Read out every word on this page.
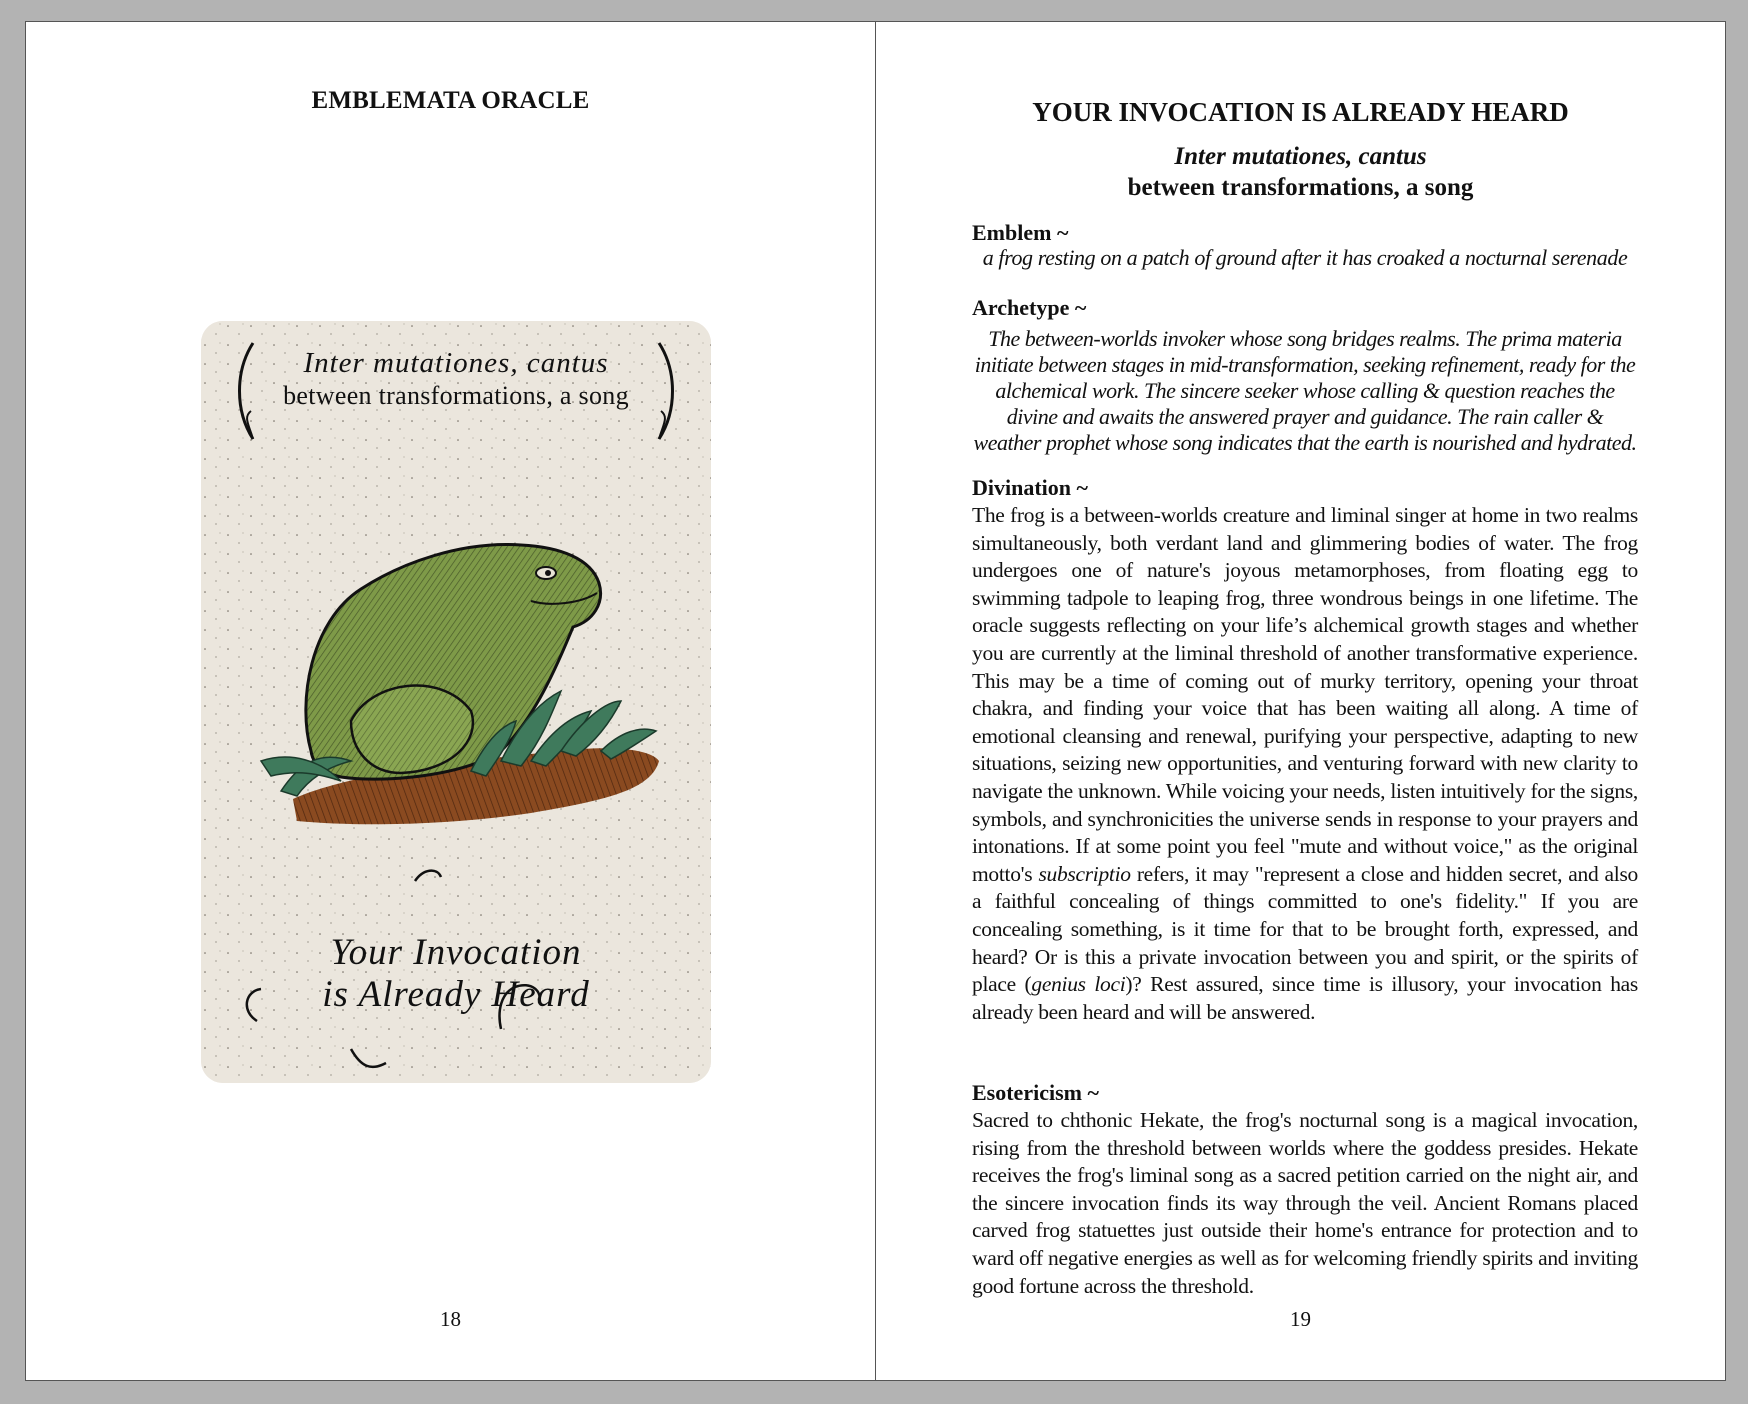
EMBLEMATA ORACLE
Inter mutationes, cantus
between transformations, a song
Your Invocation
is Already Heard
18
YOUR INVOCATION IS ALREADY HEARD
Inter mutationes, cantus
between transformations, a song
Emblem ~
a frog resting on a patch of ground after it has croaked a nocturnal serenade
Archetype ~
The between-worlds invoker whose song bridges realms. The prima materia initiate between stages in mid-transformation, seeking refinement, ready for the alchemical work. The sincere seeker whose calling & question reaches the divine and awaits the answered prayer and guidance. The rain caller & weather prophet whose song indicates that the earth is nourished and hydrated.
Divination ~
The frog is a between-worlds creature and liminal singer at home in two realms simultaneously, both verdant land and glimmering bodies of water. The frog undergoes one of nature's joyous metamorphoses, from floating egg to swimming tadpole to leaping frog, three wondrous beings in one lifetime. The oracle suggests reflecting on your life’s alchemical growth stages and whether you are currently at the liminal threshold of another transformative experience. This may be a time of coming out of murky territory, opening your throat chakra, and finding your voice that has been waiting all along. A time of emotional cleansing and renewal, purifying your perspective, adapting to new situations, seizing new opportunities, and venturing forward with new clarity to navigate the unknown. While voicing your needs, listen intuitively for the signs, symbols, and synchronicities the universe sends in response to your prayers and intonations. If at some point you feel "mute and without voice," as the original motto's subscriptio refers, it may "represent a close and hidden secret, and also a faithful concealing of things committed to one's fidelity." If you are concealing something, is it time for that to be brought forth, expressed, and heard? Or is this a private invocation between you and spirit, or the spirits of place (genius loci)? Rest assured, since time is illusory, your invocation has already been heard and will be answered.
Esotericism ~
Sacred to chthonic Hekate, the frog's nocturnal song is a magical invocation, rising from the threshold between worlds where the goddess presides. Hekate receives the frog's liminal song as a sacred petition carried on the night air, and the sincere invocation finds its way through the veil. Ancient Romans placed carved frog statuettes just outside their home's entrance for protection and to ward off negative energies as well as for welcoming friendly spirits and inviting good fortune across the threshold.
19
